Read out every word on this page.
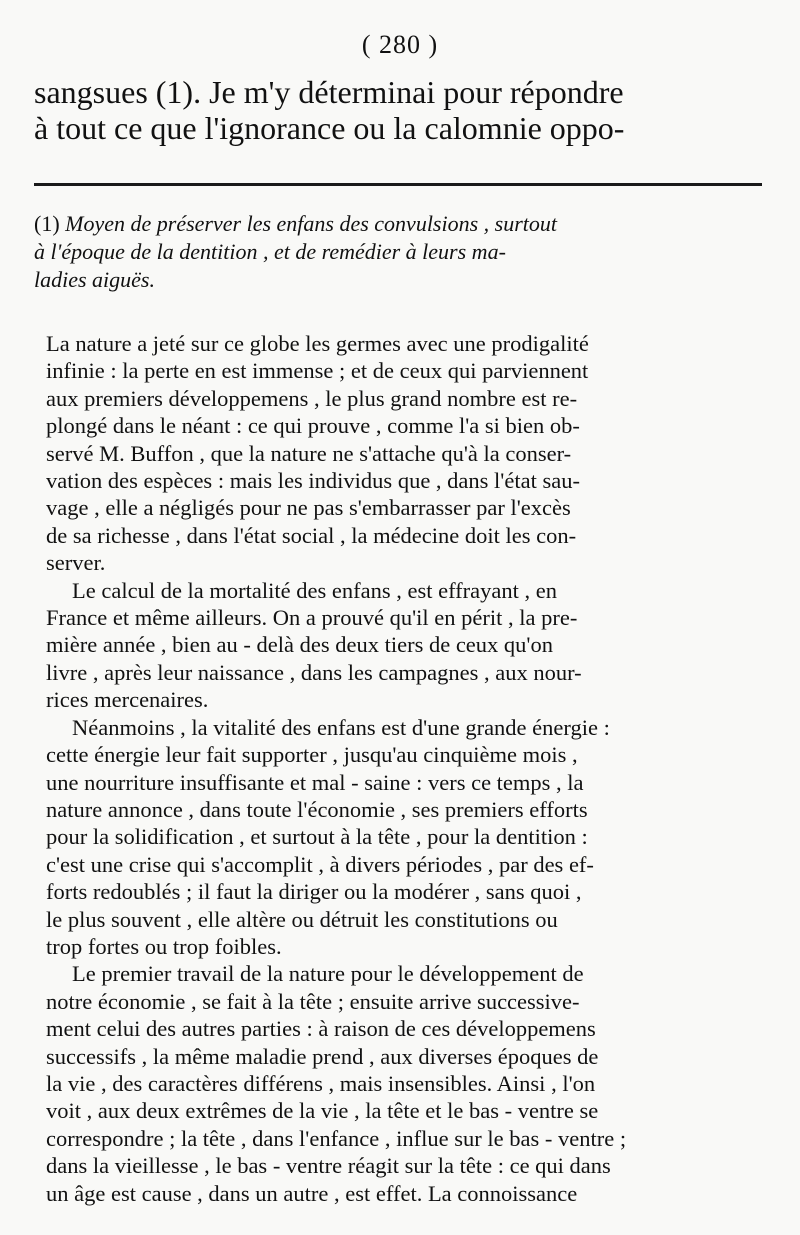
( 280 )
sangsues (1). Je m'y déterminai pour répondre
à tout ce que l'ignorance ou la calomnie oppo-
(1) Moyen de préserver les enfans des convulsions , surtout
à l'époque de la dentition , et de remédier à leurs ma-
ladies aiguës.
La nature a jeté sur ce globe les germes avec une prodigalité
infinie : la perte en est immense ; et de ceux qui parviennent
aux premiers développemens , le plus grand nombre est re-
plongé dans le néant : ce qui prouve , comme l'a si bien ob-
servé M. Buffon , que la nature ne s'attache qu'à la conser-
vation des espèces : mais les individus que , dans l'état sau-
vage , elle a négligés pour ne pas s'embarrasser par l'excès
de sa richesse , dans l'état social , la médecine doit les con-
server.
Le calcul de la mortalité des enfans , est effrayant , en
France et même ailleurs. On a prouvé qu'il en périt , la pre-
mière année , bien au - delà des deux tiers de ceux qu'on
livre , après leur naissance , dans les campagnes , aux nour-
rices mercenaires.
Néanmoins , la vitalité des enfans est d'une grande énergie :
cette énergie leur fait supporter , jusqu'au cinquième mois ,
une nourriture insuffisante et mal - saine : vers ce temps , la
nature annonce , dans toute l'économie , ses premiers efforts
pour la solidification , et surtout à la tête , pour la dentition :
c'est une crise qui s'accomplit , à divers périodes , par des ef-
forts redoublés ; il faut la diriger ou la modérer , sans quoi ,
le plus souvent , elle altère ou détruit les constitutions ou
trop fortes ou trop foibles.
Le premier travail de la nature pour le développement de
notre économie , se fait à la tête ; ensuite arrive successive-
ment celui des autres parties : à raison de ces développemens
successifs , la même maladie prend , aux diverses époques de
la vie , des caractères différens , mais insensibles. Ainsi , l'on
voit , aux deux extrêmes de la vie , la tête et le bas - ventre se
correspondre ; la tête , dans l'enfance , influe sur le bas - ventre ;
dans la vieillesse , le bas - ventre réagit sur la tête : ce qui dans
un âge est cause , dans un autre , est effet. La connoissance
